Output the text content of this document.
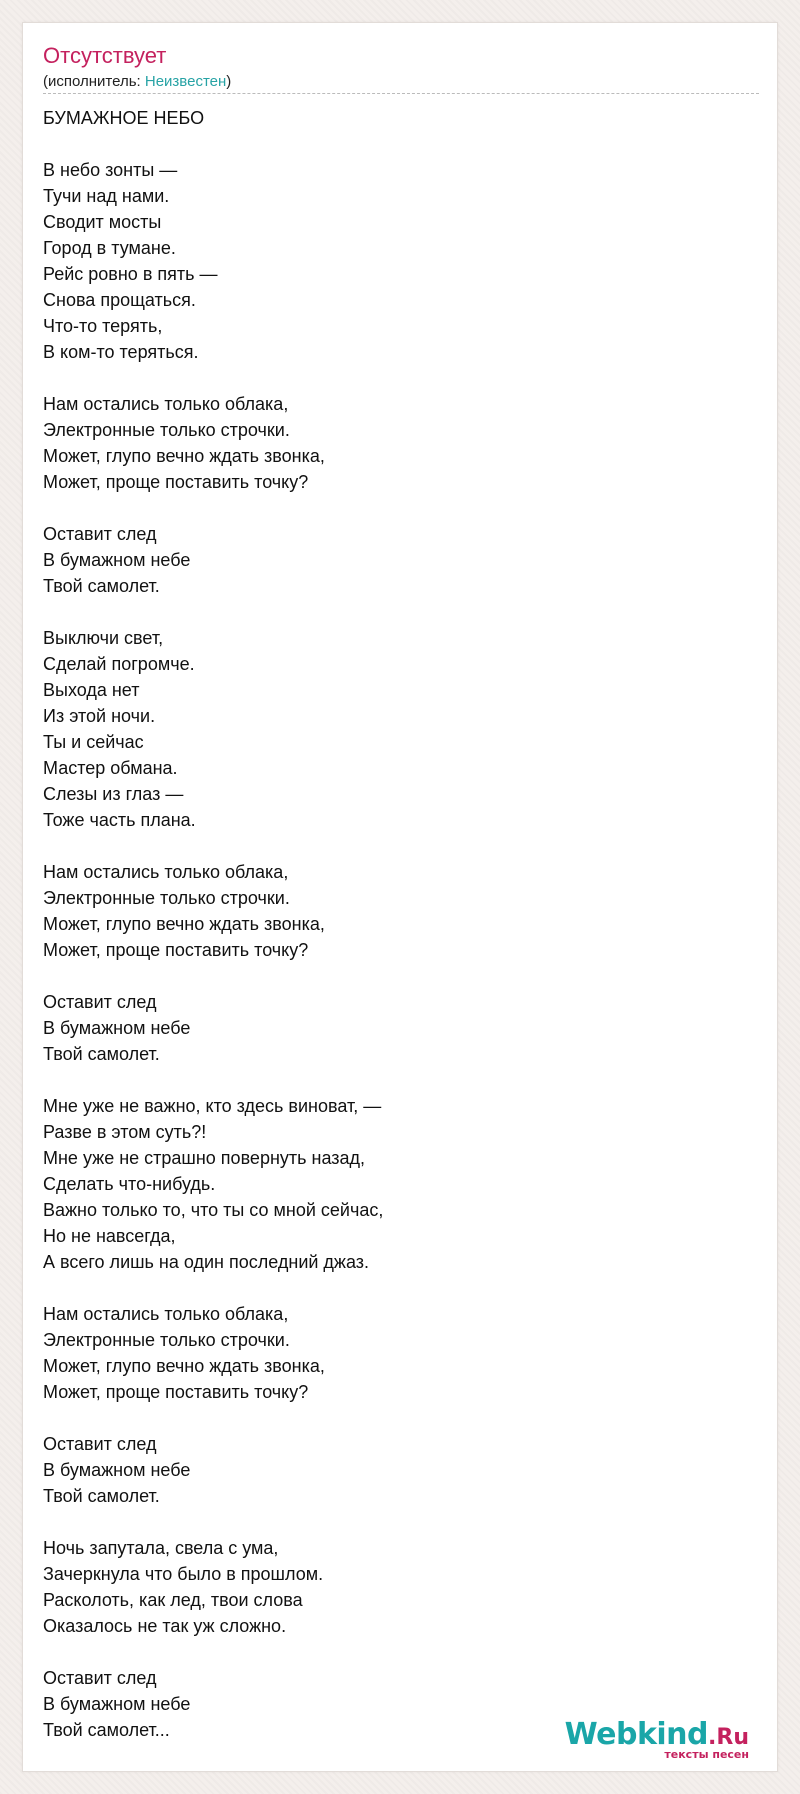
Отсутствует
(исполнитель: Неизвестен)
БУМАЖНОЕ НЕБО
В небо зонты —
Тучи над нами.
Сводит мосты
Город в тумане.
Рейс ровно в пять —
Снова прощаться.
Что-то терять,
В ком-то теряться.
Нам остались только облака,
Электронные только строчки.
Может, глупо вечно ждать звонка,
Может, проще поставить точку?
Оставит след
В бумажном небе
Твой самолет.
Выключи свет,
Сделай погромче.
Выхода нет
Из этой ночи.
Ты и сейчас
Мастер обмана.
Слезы из глаз —
Тоже часть плана.
Нам остались только облака,
Электронные только строчки.
Может, глупо вечно ждать звонка,
Может, проще поставить точку?
Оставит след
В бумажном небе
Твой самолет.
Мне уже не важно, кто здесь виноват, —
Разве в этом суть?!
Мне уже не страшно повернуть назад,
Сделать что-нибудь.
Важно только то, что ты со мной сейчас,
Но не навсегда,
А всего лишь на один последний джаз.
Нам остались только облака,
Электронные только строчки.
Может, глупо вечно ждать звонка,
Может, проще поставить точку?
Оставит след
В бумажном небе
Твой самолет.
Ночь запутала, свела с ума,
Зачеркнула что было в прошлом.
Расколоть, как лед, твои слова
Оказалось не так уж сложно.
Оставит след
В бумажном небе
Твой самолет...	Webkind.Ru
тексты песен
